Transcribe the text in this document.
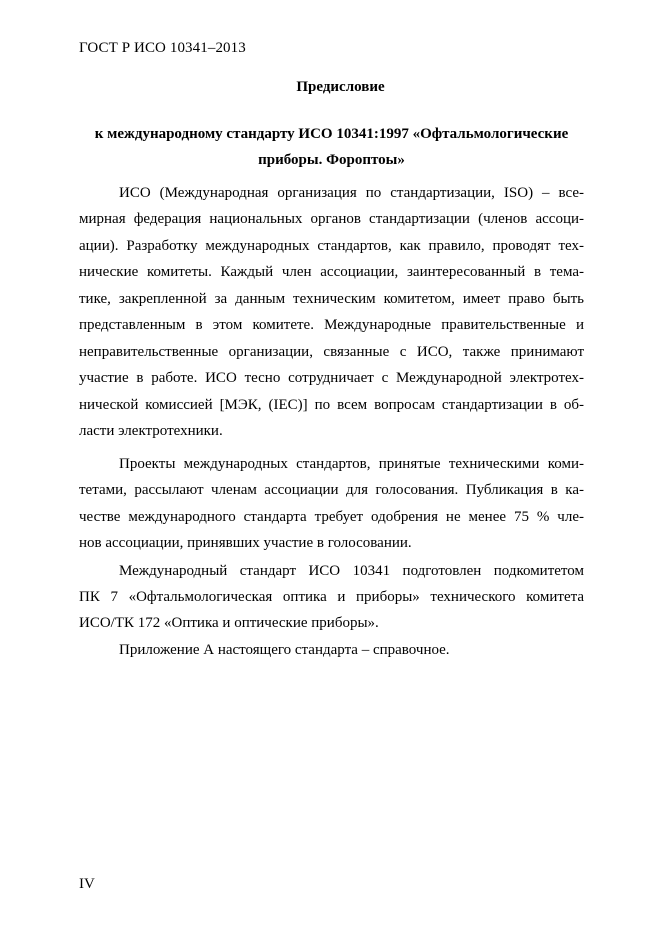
ГОСТ Р ИСО 10341–2013
Предисловие
к международному стандарту ИСО 10341:1997 «Офтальмологические
приборы. Фороптоы»
ИСО (Международная организация по стандартизации, ISO) – все-
мирная федерация национальных органов стандартизации (членов ассоци-
ации). Разработку международных стандартов, как правило, проводят тех-
нические комитеты. Каждый член ассоциации, заинтересованный в тема-
тике, закрепленной за данным техническим комитетом, имеет право быть
представленным в этом комитете. Международные правительственные и
неправительственные организации, связанные с ИСО, также принимают
участие в работе. ИСО тесно сотрудничает с Международной электротех-
нической комиссией [МЭК, (IEC)] по всем вопросам стандартизации в об-
ласти электротехники.
Проекты международных стандартов, принятые техническими коми-
тетами, рассылают членам ассоциации для голосования. Публикация в ка-
честве международного стандарта требует одобрения не менее 75 % чле-
нов ассоциации, принявших участие в голосовании.
Международный стандарт ИСО 10341 подготовлен подкомитетом
ПК 7 «Офтальмологическая оптика и приборы» технического комитета
ИСО/ТК 172 «Оптика и оптические приборы».
Приложение А настоящего стандарта – справочное.
IV
